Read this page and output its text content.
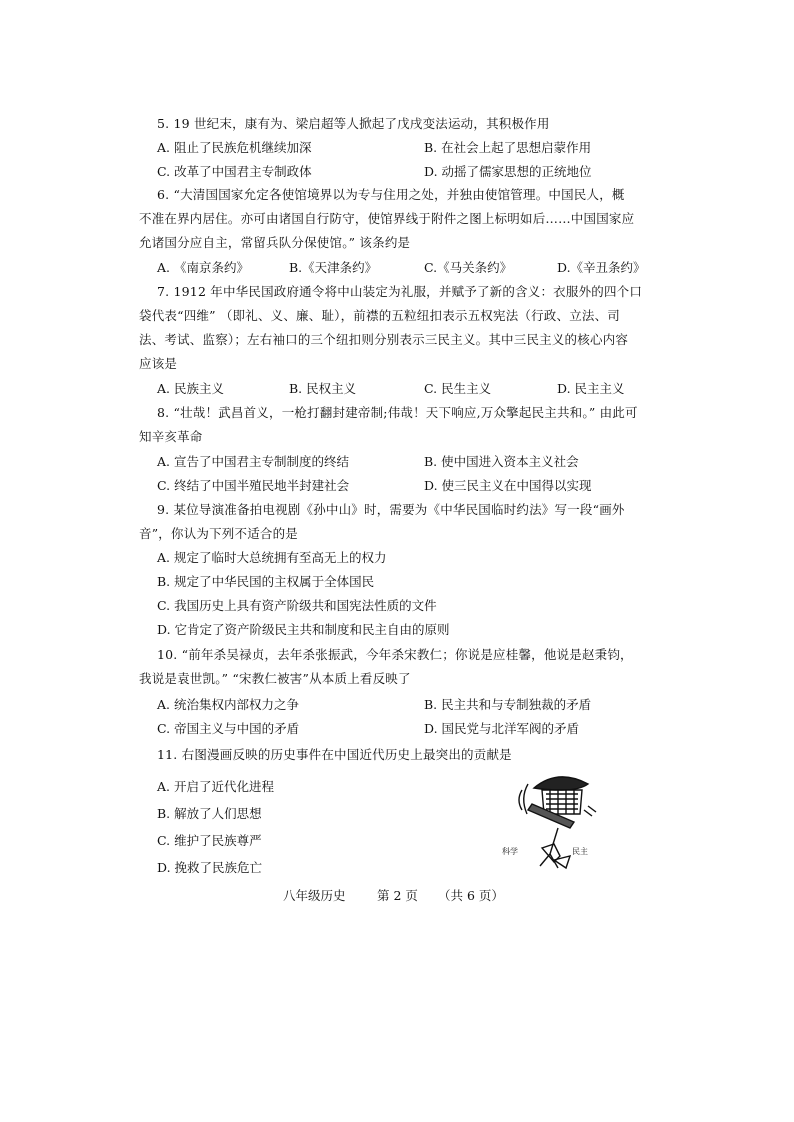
5. 19 世纪末，康有为、梁启超等人掀起了戊戌变法运动，其积极作用
A. 阻止了民族危机继续加深	B. 在社会上起了思想启蒙作用
C. 改革了中国君主专制政体	D. 动摇了儒家思想的正统地位
6. “大清国国家允定各使馆境界以为专与住用之处，并独由使馆管理。中国民人，概
不准在界内居住。亦可由诸国自行防守，使馆界线于附件之图上标明如后……中国国家应
允诸国分应自主，常留兵队分保使馆。” 该条约是
A. 《南京条约》	B.《天津条约》	C.《马关条约》	D.《辛丑条约》
7. 1912 年中华民国政府通令将中山装定为礼服，并赋予了新的含义：衣服外的四个口
袋代表“四维” （即礼、义、廉、耻），前襟的五粒纽扣表示五权宪法（行政、立法、司
法、考试、监察）；左右袖口的三个纽扣则分别表示三民主义。其中三民主义的核心内容
应该是
A. 民族主义	B. 民权主义	C. 民生主义	D. 民主主义
8. “壮哉！武昌首义，一枪打翻封建帝制;伟哉！天下响应,万众擎起民主共和。” 由此可
知辛亥革命
A. 宣告了中国君主专制制度的终结	B. 使中国进入资本主义社会
C. 终结了中国半殖民地半封建社会	D. 使三民主义在中国得以实现
9. 某位导演准备拍电视剧《孙中山》时，需要为《中华民国临时约法》写一段“画外
音”，你认为下列不适合的是
A. 规定了临时大总统拥有至高无上的权力
B. 规定了中华民国的主权属于全体国民
C. 我国历史上具有资产阶级共和国宪法性质的文件
D. 它肯定了资产阶级民主共和制度和民主自由的原则
10. “前年杀吴禄贞，去年杀张振武，今年杀宋教仁；你说是应桂馨，他说是赵秉钧，
我说是袁世凯。” “宋教仁被害”从本质上看反映了
A. 统治集权内部权力之争	B. 民主共和与专制独裁的矛盾
C. 帝国主义与中国的矛盾	D. 国民党与北洋军阀的矛盾
11. 右图漫画反映的历史事件在中国近代历史上最突出的贡献是
A. 开启了近代化进程
B. 解放了人们思想
C. 维护了民族尊严
D. 挽救了民族危亡
科学	民主
八年级历史	第 2 页 （共 6 页）
